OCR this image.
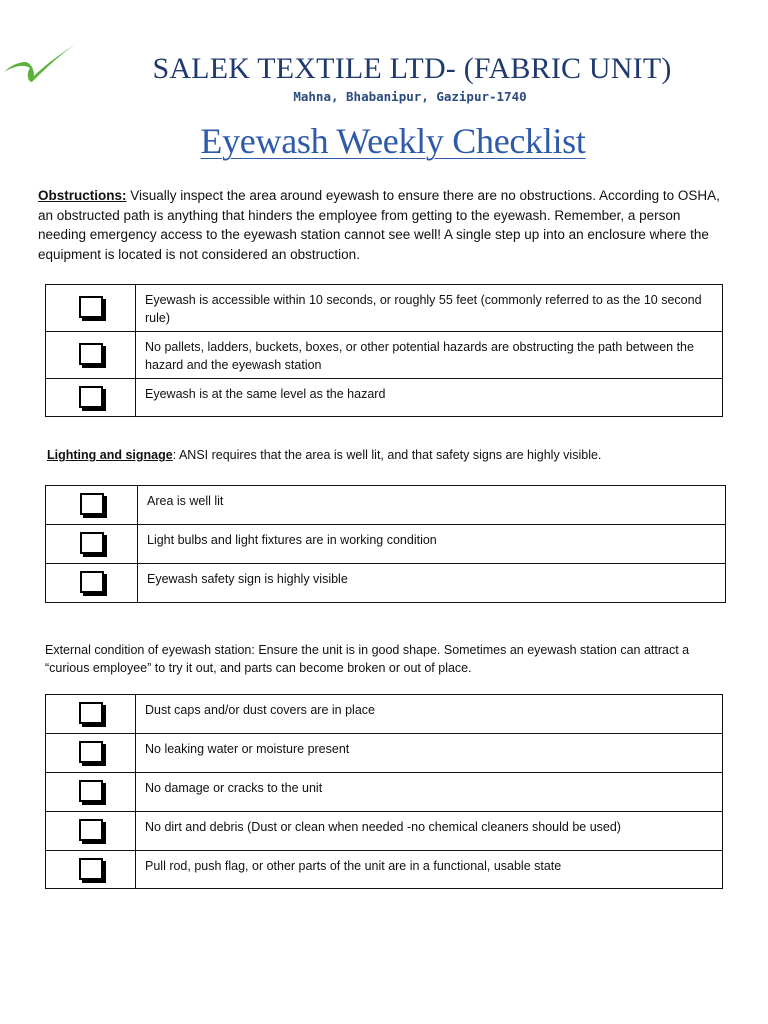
SALEK TEXTILE LTD- (FABRIC UNIT)
Mahna, Bhabanipur, Gazipur-1740
Eyewash Weekly Checklist
Obstructions: Visually inspect the area around eyewash to ensure there are no obstructions. According to OSHA, an obstructed path is anything that hinders the employee from getting to the eyewash. Remember, a person needing emergency access to the eyewash station cannot see well! A single step up into an enclosure where the equipment is located is not considered an obstruction.
	Eyewash is accessible within 10 seconds, or roughly 55 feet (commonly referred to as the 10 second rule)
	No pallets, ladders, buckets, boxes, or other potential hazards are obstructing the path between the hazard and the eyewash station
	Eyewash is at the same level as the hazard
Lighting and signage: ANSI requires that the area is well lit, and that safety signs are highly visible.
	Area is well lit
	Light bulbs and light fixtures are in working condition
	Eyewash safety sign is highly visible
External condition of eyewash station: Ensure the unit is in good shape. Sometimes an eyewash station can attract a “curious employee” to try it out, and parts can become broken or out of place.
	Dust caps and/or dust covers are in place
	No leaking water or moisture present
	No damage or cracks to the unit
	No dirt and debris (Dust or clean when needed -no chemical cleaners should be used)
	Pull rod, push flag, or other parts of the unit are in a functional, usable state
